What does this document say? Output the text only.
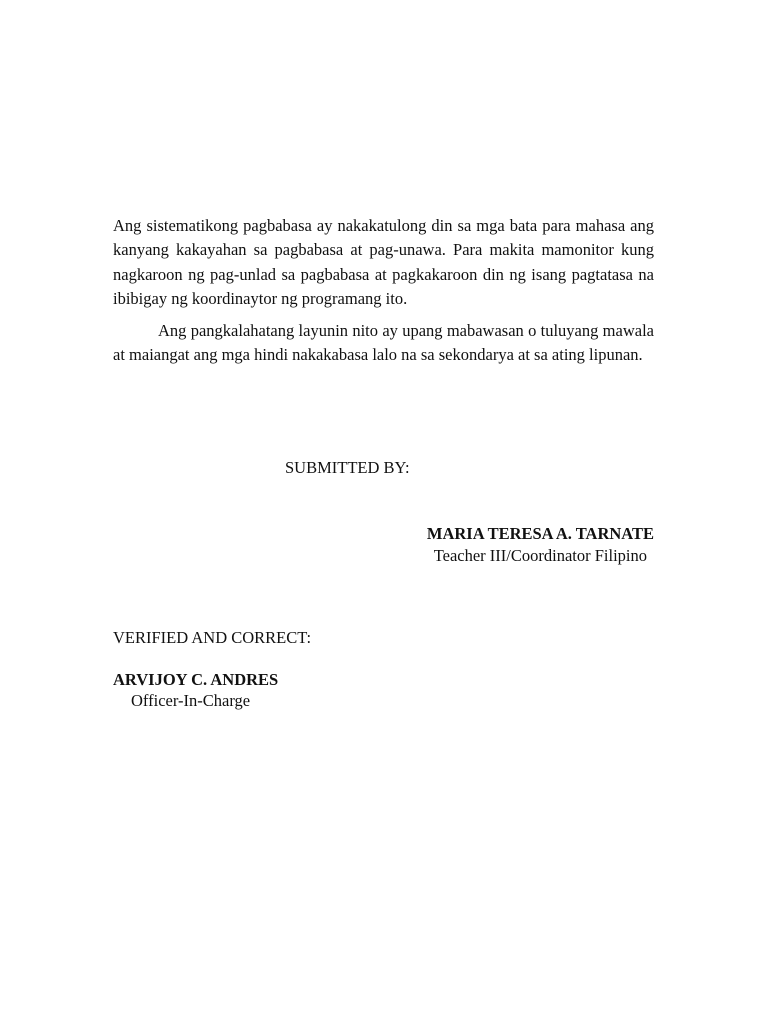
Ang sistematikong pagbabasa ay nakakatulong din sa mga bata para mahasa ang kanyang kakayahan sa pagbabasa at pag-unawa. Para makita mamonitor kung nagkaroon ng pag-unlad sa pagbabasa at pagkakaroon din ng isang pagtatasa na ibibigay ng koordinaytor ng programang ito.

Ang pangkalahatang layunin nito ay upang mabawasan o tuluyang mawala at maiangat ang mga hindi nakakabasa lalo na sa sekondarya at sa ating lipunan.

SUBMITTED BY:
MARIA TERESA A. TARNATE
Teacher III/Coordinator Filipino
VERIFIED AND CORRECT:
ARVIJOY C. ANDRES
Officer-In-Charge
